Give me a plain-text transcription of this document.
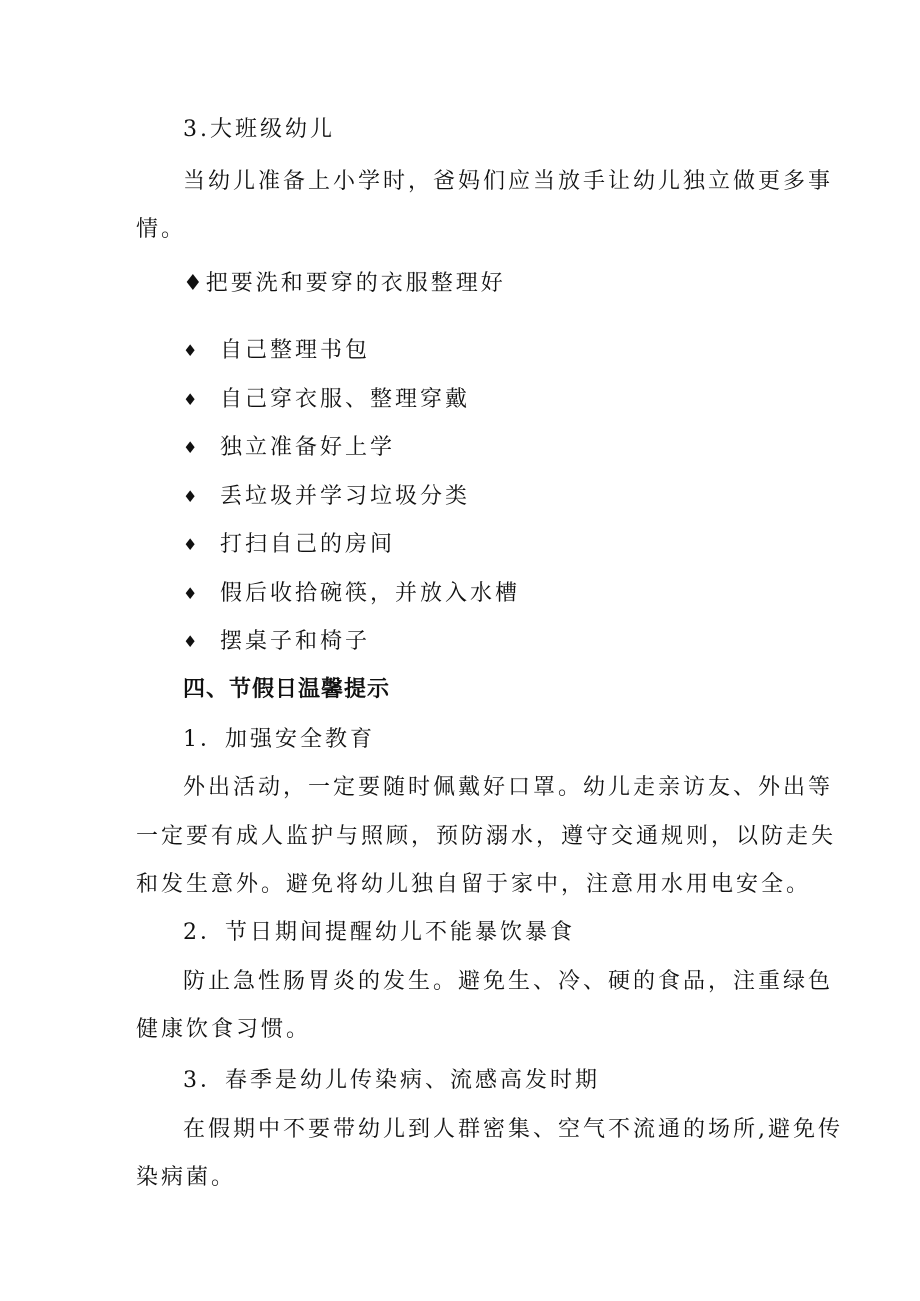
3.大班级幼儿
当幼儿准备上小学时，爸妈们应当放手让幼儿独立做更多事
情。
♦把要洗和要穿的衣服整理好
♦ 自己整理书包
♦ 自己穿衣服、整理穿戴
♦ 独立准备好上学
♦ 丢垃圾并学习垃圾分类
♦ 打扫自己的房间
♦ 假后收拾碗筷，并放入水槽
♦ 摆桌子和椅子
四、节假日温馨提示
1．加强安全教育
外出活动，一定要随时佩戴好口罩。幼儿走亲访友、外出等
一定要有成人监护与照顾，预防溺水，遵守交通规则，以防走失
和发生意外。避免将幼儿独自留于家中，注意用水用电安全。
2．节日期间提醒幼儿不能暴饮暴食
防止急性肠胃炎的发生。避免生、冷、硬的食品，注重绿色
健康饮食习惯。
3．春季是幼儿传染病、流感高发时期
在假期中不要带幼儿到人群密集、空气不流通的场所,避免传
染病菌。
